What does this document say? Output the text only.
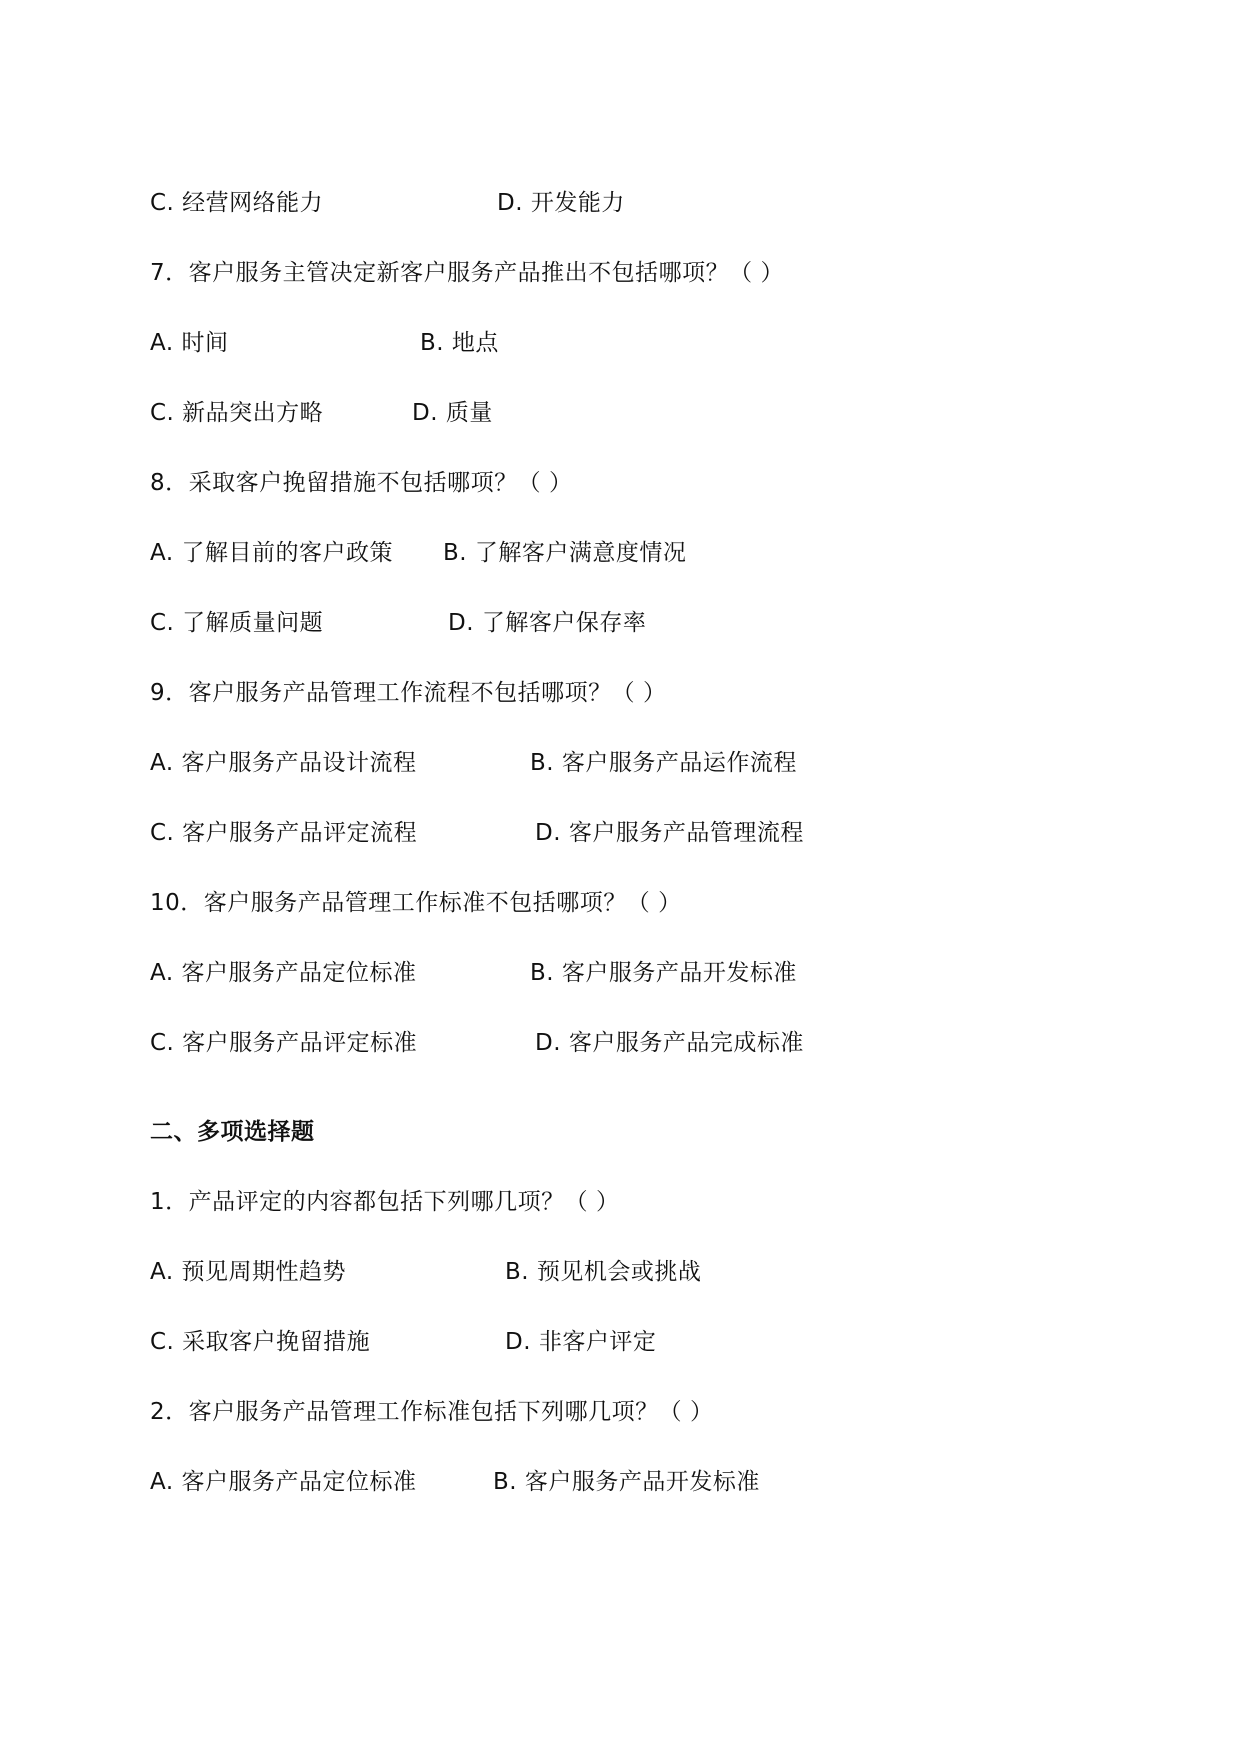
C. 经营网络能力	D. 开发能力
7．客户服务主管决定新客户服务产品推出不包括哪项？（ ）
A. 时间	B. 地点
C. 新品突出方略	D. 质量
8．采取客户挽留措施不包括哪项？（ ）
A. 了解目前的客户政策 B. 了解客户满意度情况
C. 了解质量问题	D. 了解客户保存率
9．客户服务产品管理工作流程不包括哪项？（ ）
A. 客户服务产品设计流程	B. 客户服务产品运作流程
C. 客户服务产品评定流程	D. 客户服务产品管理流程
10．客户服务产品管理工作标准不包括哪项？（ ）
A. 客户服务产品定位标准	B. 客户服务产品开发标准
C. 客户服务产品评定标准	D. 客户服务产品完成标准
二、多项选择题
1．产品评定的内容都包括下列哪几项？（ ）
A. 预见周期性趋势	B. 预见机会或挑战
C. 采取客户挽留措施	D. 非客户评定
2．客户服务产品管理工作标准包括下列哪几项？（ ）
A. 客户服务产品定位标准	B. 客户服务产品开发标准
